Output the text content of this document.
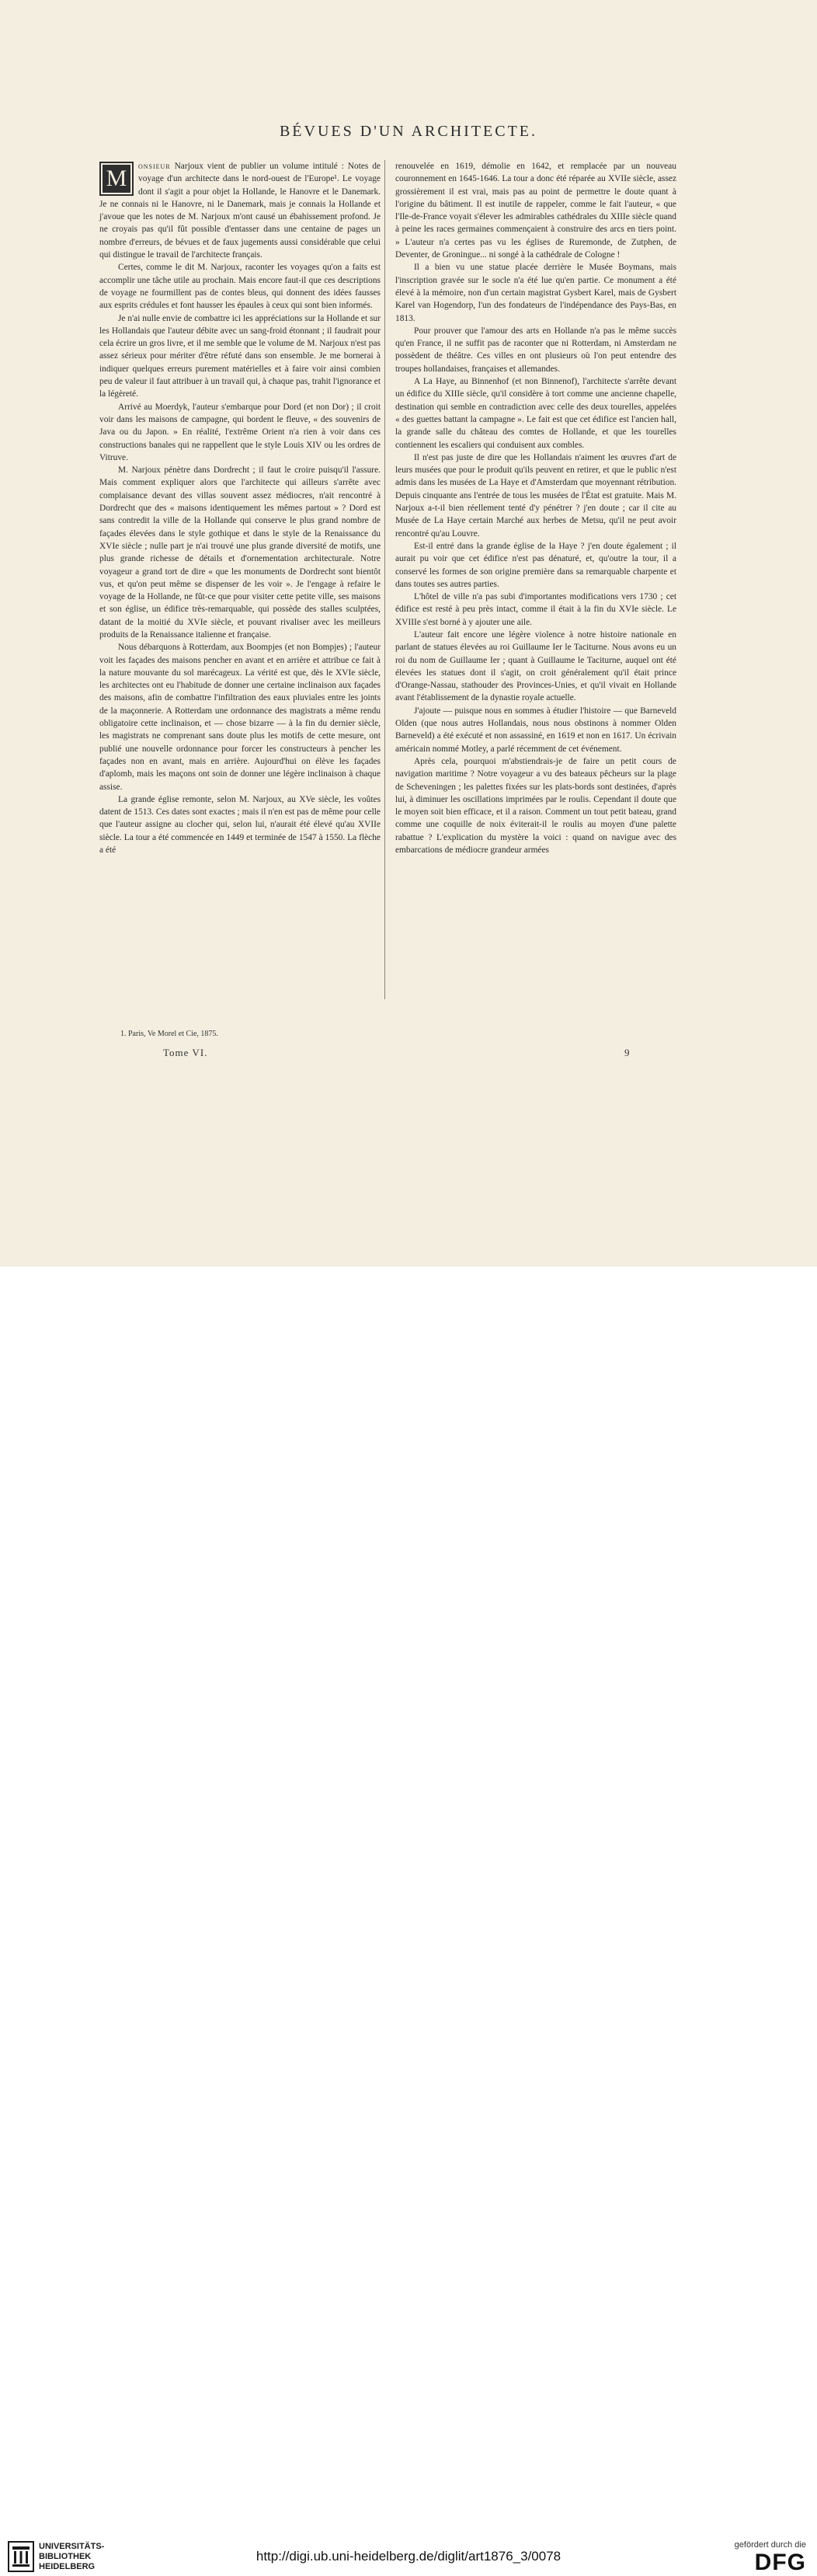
BÉVUES D'UN ARCHITECTE.

M	onsieur Narjoux vient de publier un volume intitulé : Notes de voyage d'un architecte dans le nord-ouest de l'Europe¹. Le voyage dont il s'agit a pour objet la Hollande, le Hanovre et le Danemark. Je ne connais ni le Hanovre, ni le Danemark, mais je connais la Hollande et j'avoue que les notes de M. Narjoux m'ont causé un ébahissement profond. Je ne croyais pas qu'il fût possible d'entasser dans une centaine de pages un nombre d'erreurs, de bévues et de faux jugements aussi considérable que celui qui distingue le travail de l'architecte français.

Certes, comme le dit M. Narjoux, raconter les voyages qu'on a faits est accomplir une tâche utile au prochain. Mais encore faut-il que ces descriptions de voyage ne fourmillent pas de contes bleus, qui donnent des idées fausses aux esprits crédules et font hausser les épaules à ceux qui sont bien informés.

Je n'ai nulle envie de combattre ici les appréciations sur la Hollande et sur les Hollandais que l'auteur débite avec un sang-froid étonnant ; il faudrait pour cela écrire un gros livre, et il me semble que le volume de M. Narjoux n'est pas assez sérieux pour mériter d'être réfuté dans son ensemble. Je me bornerai à indiquer quelques erreurs purement matérielles et à faire voir ainsi combien peu de valeur il faut attribuer à un travail qui, à chaque pas, trahit l'ignorance et la légèreté.

Arrivé au Moerdyk, l'auteur s'embarque pour Dord (et non Dor) ; il croit voir dans les maisons de campagne, qui bordent le fleuve, « des souvenirs de Java ou du Japon. » En réalité, l'extrême Orient n'a rien à voir dans ces constructions banales qui ne rappellent que le style Louis XIV ou les ordres de Vitruve.

M. Narjoux pénètre dans Dordrecht ; il faut le croire puisqu'il l'assure. Mais comment expliquer alors que l'architecte qui ailleurs s'arrête avec complaisance devant des villas souvent assez médiocres, n'ait rencontré à Dordrecht que des « maisons identiquement les mêmes partout » ? Dord est sans contredit la ville de la Hollande qui conserve le plus grand nombre de façades élevées dans le style gothique et dans le style de la Renaissance du XVIe siècle ; nulle part je n'ai trouvé une plus grande diversité de motifs, une plus grande richesse de détails et d'ornementation architecturale. Notre voyageur a grand tort de dire « que les monuments de Dordrecht sont bientôt vus, et qu'on peut même se dispenser de les voir ». Je l'engage à refaire le voyage de la Hollande, ne fût-ce que pour visiter cette petite ville, ses maisons et son église, un édifice très-remarquable, qui possède des stalles sculptées, datant de la moitié du XVIe siècle, et pouvant rivaliser avec les meilleurs produits de la Renaissance italienne et française.

Nous débarquons à Rotterdam, aux Boompjes (et non Bompjes) ; l'auteur voit les façades des maisons pencher en avant et en arrière et attribue ce fait à la nature mouvante du sol marécageux. La vérité est que, dès le XVIe siècle, les architectes ont eu l'habitude de donner une certaine inclinaison aux façades des maisons, afin de combattre l'infiltration des eaux pluviales entre les joints de la maçonnerie. A Rotterdam une ordonnance des magistrats a même rendu obligatoire cette inclinaison, et — chose bizarre — à la fin du dernier siècle, les magistrats ne comprenant sans doute plus les motifs de cette mesure, ont publié une nouvelle ordonnance pour forcer les constructeurs à pencher les façades non en avant, mais en arrière. Aujourd'hui on élève les façades d'aplomb, mais les maçons ont soin de donner une légère inclinaison à chaque assise.

La grande église remonte, selon M. Narjoux, au XVe siècle, les voûtes datent de 1513. Ces dates sont exactes ; mais il n'en est pas de même pour celle que l'auteur assigne au clocher qui, selon lui, n'aurait été élevé qu'au XVIIe siècle. La tour a été commencée en 1449 et terminée de 1547 à 1550. La flèche a été

renouvelée en 1619, démolie en 1642, et remplacée par un nouveau couronnement en 1645-1646. La tour a donc été réparée au XVIIe siècle, assez grossièrement il est vrai, mais pas au point de permettre le doute quant à l'origine du bâtiment. Il est inutile de rappeler, comme le fait l'auteur, « que l'Ile-de-France voyait s'élever les admirables cathédrales du XIIIe siècle quand à peine les races germaines commençaient à construire des arcs en tiers point. » L'auteur n'a certes pas vu les églises de Ruremonde, de Zutphen, de Deventer, de Groningue... ni songé à la cathédrale de Cologne !

Il a bien vu une statue placée derrière le Musée Boymans, mais l'inscription gravée sur le socle n'a été lue qu'en partie. Ce monument a été élevé à la mémoire, non d'un certain magistrat Gysbert Karel, mais de Gysbert Karel van Hogendorp, l'un des fondateurs de l'indépendance des Pays-Bas, en 1813.

Pour prouver que l'amour des arts en Hollande n'a pas le même succès qu'en France, il ne suffit pas de raconter que ni Rotterdam, ni Amsterdam ne possèdent de théâtre. Ces villes en ont plusieurs où l'on peut entendre des troupes hollandaises, françaises et allemandes.

A La Haye, au Binnenhof (et non Binnenof), l'architecte s'arrête devant un édifice du XIIIe siècle, qu'il considère à tort comme une ancienne chapelle, destination qui semble en contradiction avec celle des deux tourelles, appelées « des guettes battant la campagne ». Le fait est que cet édifice est l'ancien hall, la grande salle du château des comtes de Hollande, et que les tourelles contiennent les escaliers qui conduisent aux combles.

Il n'est pas juste de dire que les Hollandais n'aiment les œuvres d'art de leurs musées que pour le produit qu'ils peuvent en retirer, et que le public n'est admis dans les musées de La Haye et d'Amsterdam que moyennant rétribution. Depuis cinquante ans l'entrée de tous les musées de l'État est gratuite. Mais M. Narjoux a-t-il bien réellement tenté d'y pénétrer ? j'en doute ; car il cite au Musée de La Haye certain Marché aux herbes de Metsu, qu'il ne peut avoir rencontré qu'au Louvre.

Est-il entré dans la grande église de la Haye ? j'en doute également ; il aurait pu voir que cet édifice n'est pas dénaturé, et, qu'outre la tour, il a conservé les formes de son origine première dans sa remarquable charpente et dans toutes ses autres parties.

L'hôtel de ville n'a pas subi d'importantes modifications vers 1730 ; cet édifice est resté à peu près intact, comme il était à la fin du XVIe siècle. Le XVIIIe s'est borné à y ajouter une aile.

L'auteur fait encore une légère violence à notre histoire nationale en parlant de statues élevées au roi Guillaume Ier le Taciturne. Nous avons eu un roi du nom de Guillaume Ier ; quant à Guillaume le Taciturne, auquel ont été élevées les statues dont il s'agit, on croit généralement qu'il était prince d'Orange-Nassau, stathouder des Provinces-Unies, et qu'il vivait en Hollande avant l'établissement de la dynastie royale actuelle.

J'ajoute — puisque nous en sommes à étudier l'histoire — que Barneveld Olden (que nous autres Hollandais, nous nous obstinons à nommer Olden Barneveld) a été exécuté et non assassiné, en 1619 et non en 1617. Un écrivain américain nommé Motley, a parlé récemment de cet événement.

Après cela, pourquoi m'abstiendrais-je de faire un petit cours de navigation maritime ? Notre voyageur a vu des bateaux pêcheurs sur la plage de Scheveningen ; les palettes fixées sur les plats-bords sont destinées, d'après lui, à diminuer les oscillations imprimées par le roulis. Cependant il doute que le moyen soit bien efficace, et il a raison. Comment un tout petit bateau, grand comme une coquille de noix éviterait-il le roulis au moyen d'une palette rabattue ? L'explication du mystère la voici : quand on navigue avec des embarcations de médiocre grandeur armées

1. Paris, Ve Morel et Cie, 1875.
Tome VI.	9
UNIVERSITÄTS-
BIBLIOTHEK
HEIDELBERG
http://digi.ub.uni-heidelberg.de/diglit/art1876_3/0078
gefördert durch die
DFG
